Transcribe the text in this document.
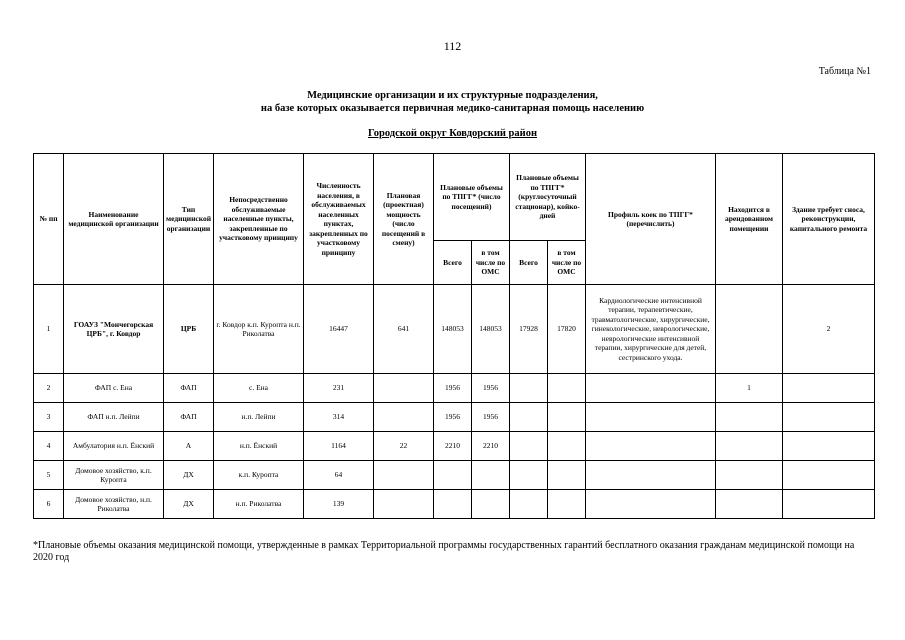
112
Таблица №1
Медицинские организации и их структурные подразделения,
на базе которых оказывается первичная медико-санитарная помощь населению
Городской округ Ковдорский район
№ пп	Наименование медицинской организации	Тип медицинской организации	Непосредственно обслуживаемые населенные пункты, закрепленные по участковому принципу	Численность населения, в обслуживаемых населенных пунктах, закрепленных по участковому принципу	Плановая (проектная) мощность (число посещений в смену)	Плановые объемы по ТПГГ* (число посещений)		Плановые объемы по ТПГГ* (круглосуточный стационар), койко-дней		Профиль коек по ТПГГ* (перечислить)	Находится в арендованном помещении	Здание требует сноса, реконструкции, капитального ремонта
						Всего	в том числе по ОМС	Всего	в том числе по ОМС			
1	ГОАУЗ "Мончегорская ЦРБ", г. Ковдор	ЦРБ	г. Ковдор к.п. Куропта н.п. Риколатва	16447	641	148053	148053	17928	17820	Кардиологические интенсивной терапии, терапевтические, травматологические, хирургические, гинекологические, неврологические, неврологические интенсивной терапии, хирургические для детей, сестринского ухода.		2
2	ФАП с. Ена	ФАП	с. Ена	231		1956	1956				1	
3	ФАП н.п. Лейпи	ФАП	н.п. Лейпи	314		1956	1956					
4	Амбулатория н.п. Ёнский	А	н.п. Ёнский	1164	22	2210	2210					
5	Домовое хозяйство, к.п. Куропта	ДХ	к.п. Куропта	64								
6	Домовое хозяйство, н.п. Риколатва	ДХ	н.п. Риколатва	139								
*Плановые объемы оказания медицинской помощи, утвержденные в рамках Территориальной программы государственных гарантий бесплатного оказания гражданам медицинской помощи на 2020 год
